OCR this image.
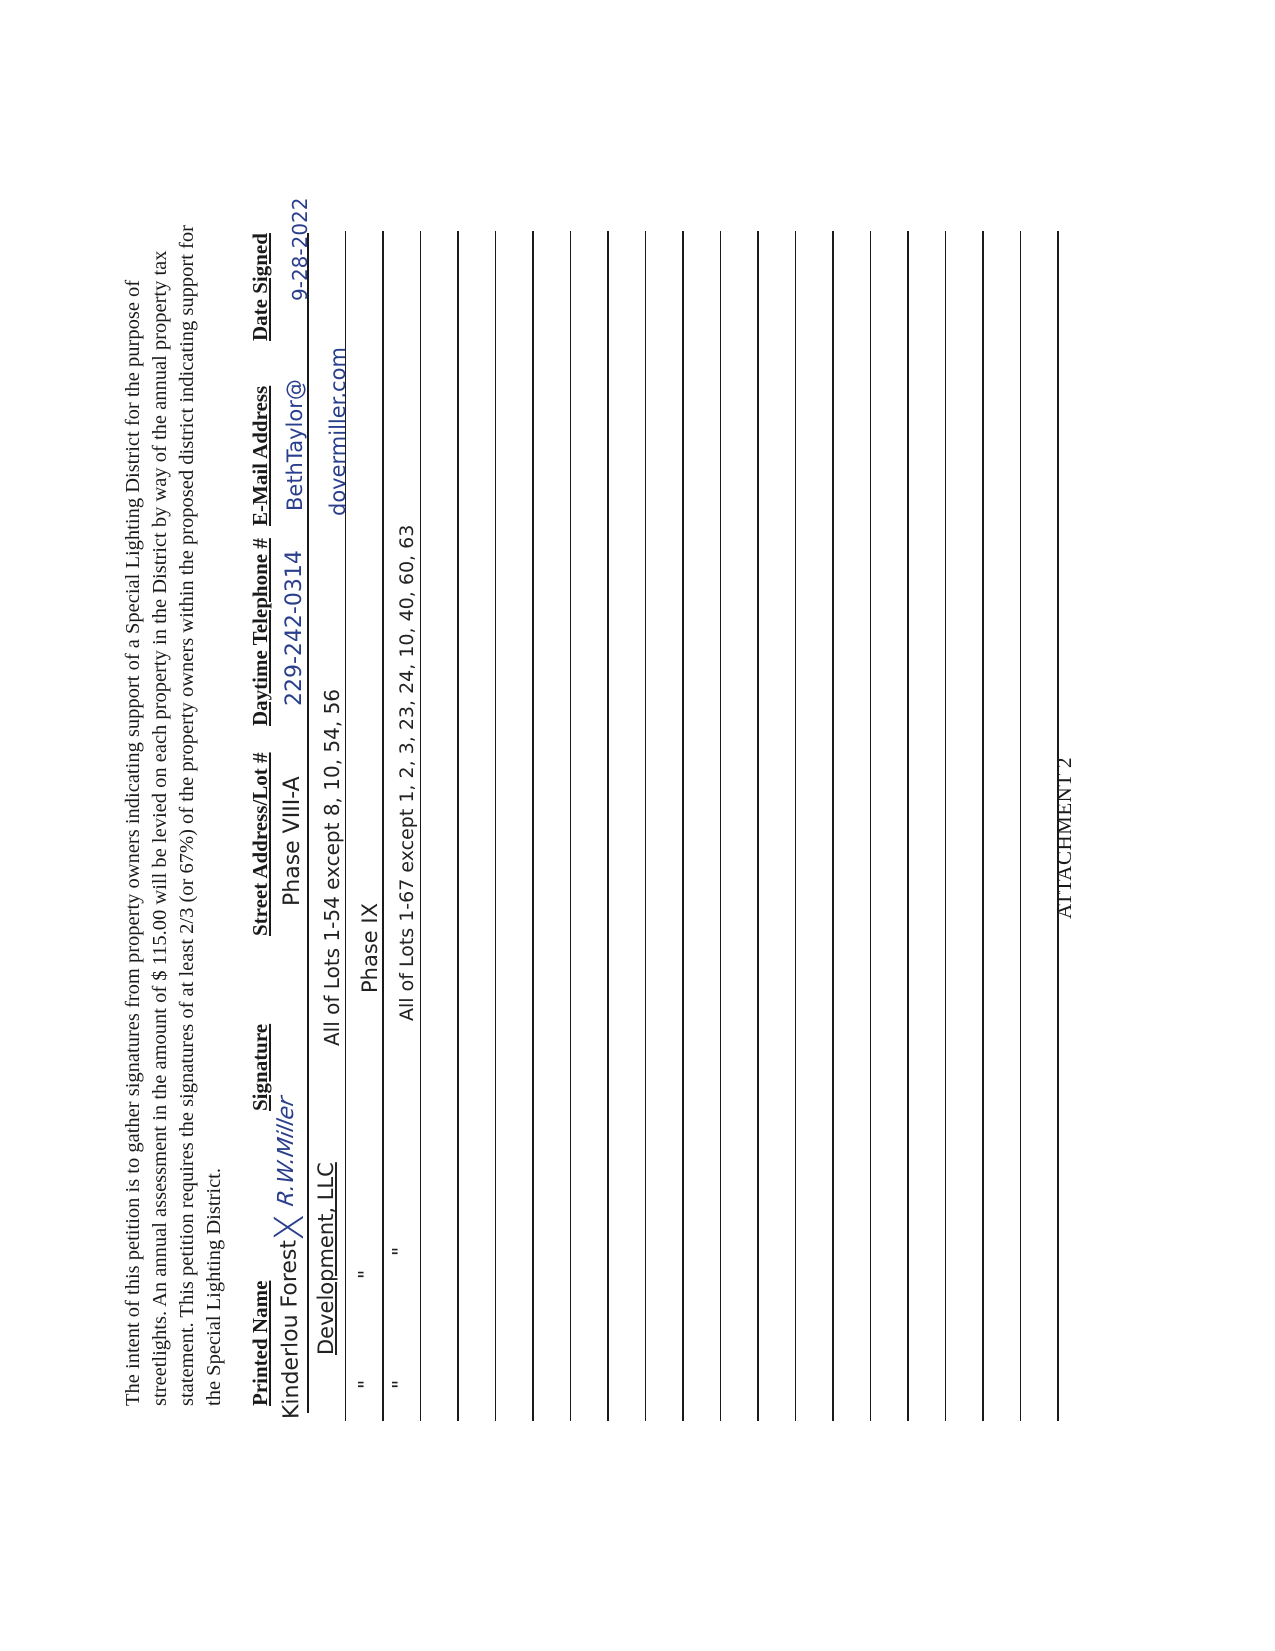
The intent of this petition is to gather signatures from property owners indicating support of a Special Lighting District for the purpose of streetlights. An annual assessment in the amount of $ 115.00 will be levied on each property in the District by way of the annual property tax statement. This petition requires the signatures of at least 2/3 (or 67%) of the property owners within the proposed district indicating support for the Special Lighting District. Printed Name
Signature
Street Address/Lot #
Daytime Telephone #
E-Mail Address
Date Signed
Kinderlou Forest
X
R.W.Miller
Phase VIII-A
229-242-0314
BethTaylor@
9-28-2022
Development, LLC
All of Lots 1-54 except 8, 10, 54, 56
dovermiller.com
"
"
Phase IX
"
"
All of Lots 1-67 except 1, 2, 3, 23, 24, 10, 40, 60, 63	ATTACHMENT 2
